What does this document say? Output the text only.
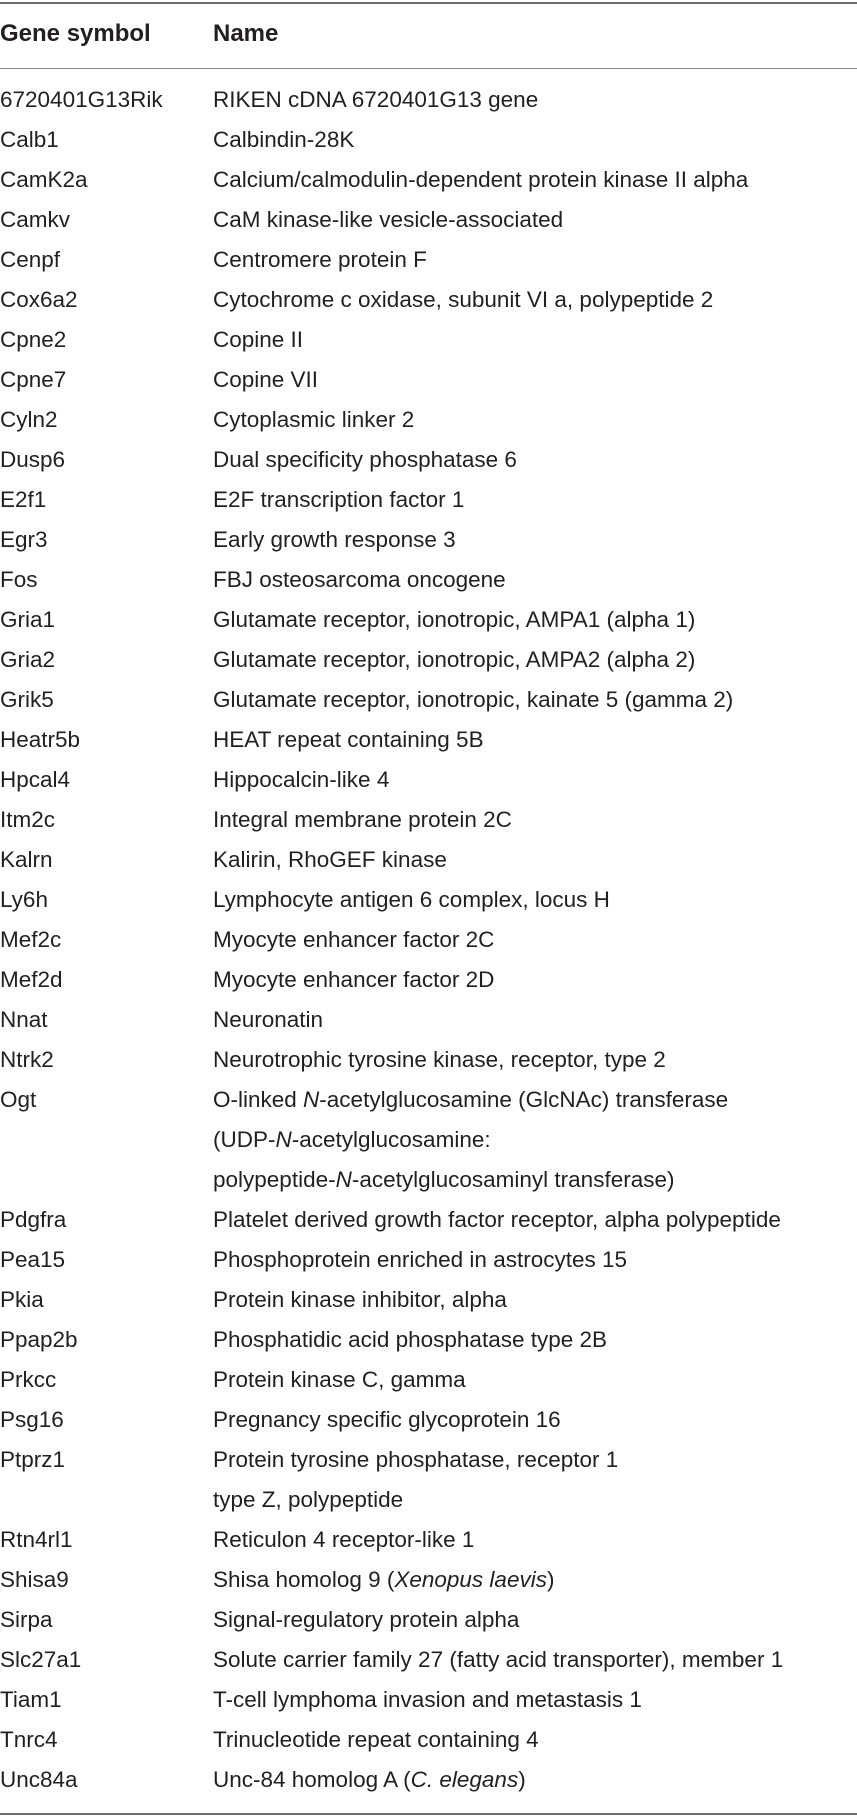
Gene symbol	Name
6720401G13Rik RIKEN cDNA 6720401G13 gene
Calb1	Calbindin-28K
CamK2a	Calcium/calmodulin-dependent protein kinase II alpha
Camkv	CaM kinase-like vesicle-associated
Cenpf	Centromere protein F
Cox6a2	Cytochrome c oxidase, subunit VI a, polypeptide 2
Cpne2	Copine II
Cpne7	Copine VII
Cyln2	Cytoplasmic linker 2
Dusp6	Dual specificity phosphatase 6
E2f1	E2F transcription factor 1
Egr3	Early growth response 3
Fos	FBJ osteosarcoma oncogene
Gria1	Glutamate receptor, ionotropic, AMPA1 (alpha 1)
Gria2	Glutamate receptor, ionotropic, AMPA2 (alpha 2)
Grik5	Glutamate receptor, ionotropic, kainate 5 (gamma 2)
Heatr5b	HEAT repeat containing 5B
Hpcal4	Hippocalcin-like 4
Itm2c	Integral membrane protein 2C
Kalrn	Kalirin, RhoGEF kinase
Ly6h	Lymphocyte antigen 6 complex, locus H
Mef2c	Myocyte enhancer factor 2C
Mef2d	Myocyte enhancer factor 2D
Nnat	Neuronatin
Ntrk2	Neurotrophic tyrosine kinase, receptor, type 2
Ogt	O-linked N-acetylglucosamine (GlcNAc) transferase
(UDP-N-acetylglucosamine:
polypeptide-N-acetylglucosaminyl transferase)
Pdgfra	Platelet derived growth factor receptor, alpha polypeptide
Pea15	Phosphoprotein enriched in astrocytes 15
Pkia	Protein kinase inhibitor, alpha
Ppap2b	Phosphatidic acid phosphatase type 2B
Prkcc	Protein kinase C, gamma
Psg16	Pregnancy specific glycoprotein 16
Ptprz1	Protein tyrosine phosphatase, receptor 1
type Z, polypeptide
Rtn4rl1	Reticulon 4 receptor-like 1
Shisa9	Shisa homolog 9 (Xenopus laevis)
Sirpa	Signal-regulatory protein alpha
Slc27a1	Solute carrier family 27 (fatty acid transporter), member 1
Tiam1	T-cell lymphoma invasion and metastasis 1
Tnrc4	Trinucleotide repeat containing 4
Unc84a	Unc-84 homolog A (C. elegans)
